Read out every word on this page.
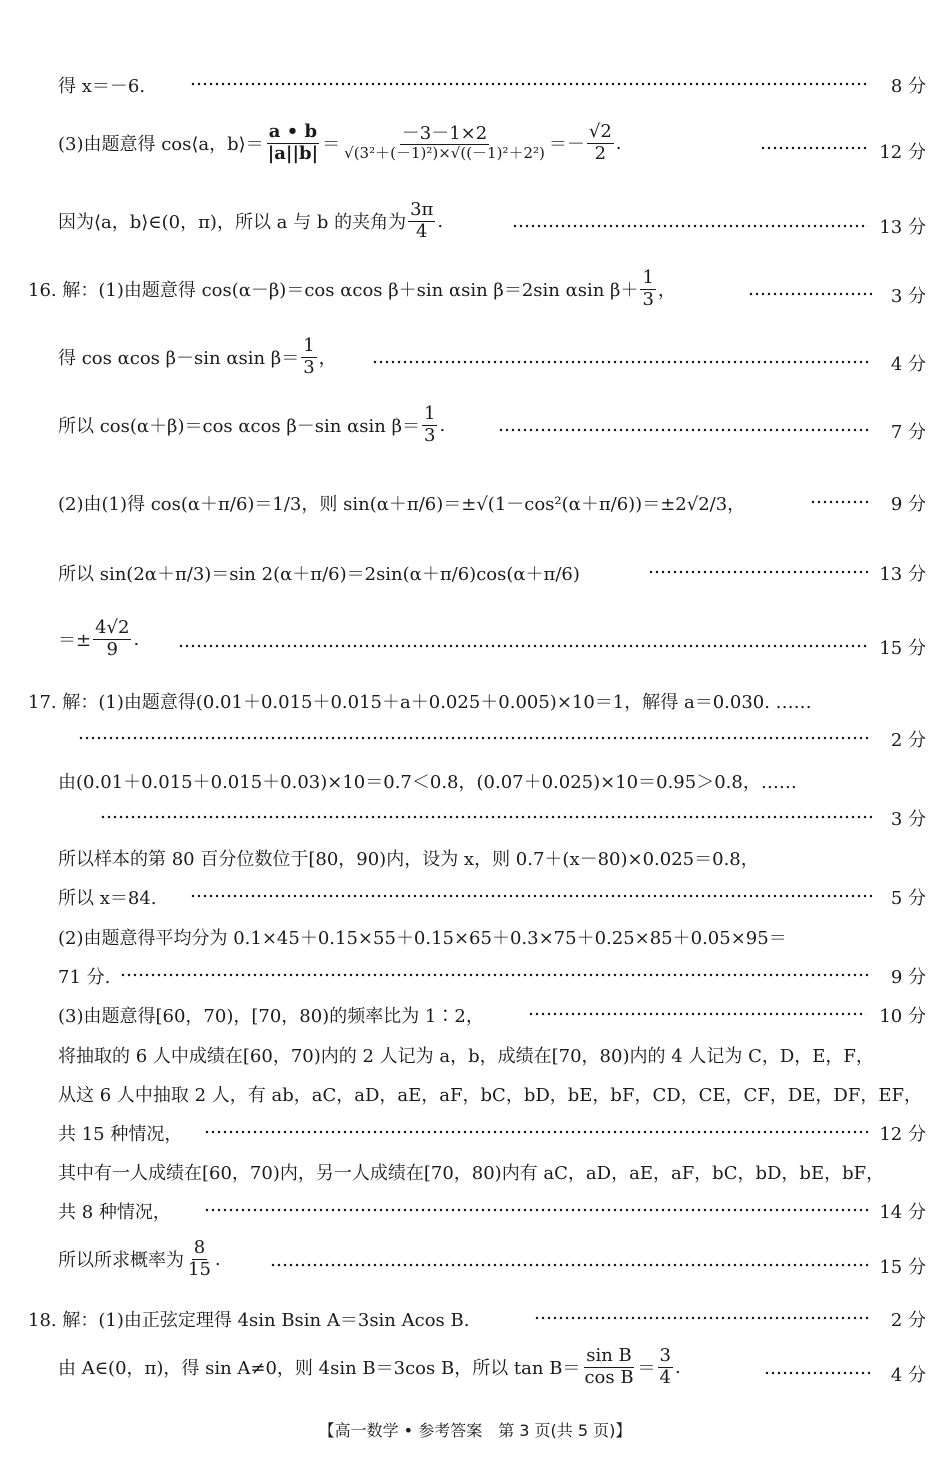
得 x＝－6.	8 分
(3)由题意得 cos⟨a，b⟩＝ $\frac{a • b}{|a||b|} = \frac{-3-1\times 2}{\text{√(3²＋(－1)²)×√((－1)²＋2²)}} =- \frac{√2}{2}$ .	12 分
因为⟨a，b⟩∈(0，π)，所以 a 与 b 的夹角为 $\frac{3\pi}{4}$ .	13 分
16. 解：(1)由题意得 cos(α－β)＝cos αcos β＋sin αsin β＝2sin αsin $\beta+ \frac{1}{3}$ ，	3 分
得 cos αcos β－sin αsin $\beta= \frac{1}{3}$ ，	4 分
所以 cos(α＋β)＝cos αcos β－sin αsin $\beta= \frac{1}{3}$ .	7 分
(2)由(1)得 cos(α＋π/6)＝1/3，则 sin(α＋π/6)＝±√(1－cos²(α＋π/6))＝±2√2/3，	9 分
所以 sin(2α＋π/3)＝sin 2(α＋π/6)＝2sin(α＋π/6)cos(α＋π/6)	13 分
＝± $\frac{4√2}{9}$ .	15 分
17. 解：(1)由题意得(0.01＋0.015＋0.015＋a＋0.025＋0.005)×10＝1，解得 a＝0.030. ……
2 分
由(0.01＋0.015＋0.015＋0.03)×10＝0.7＜0.8，(0.07＋0.025)×10＝0.95＞0.8，……
3 分
所以样本的第 80 百分位数位于[80，90)内，设为 x，则 0.7＋(x－80)×0.025＝0.8，
所以 x＝84.	5 分
(2)由题意得平均分为 0.1×45＋0.15×55＋0.15×65＋0.3×75＋0.25×85＋0.05×95＝
71 分.	9 分
(3)由题意得[60，70)，[70，80)的频率比为 1∶2，	10 分
将抽取的 6 人中成绩在[60，70)内的 2 人记为 a，b，成绩在[70，80)内的 4 人记为 C，D，E，F，
从这 6 人中抽取 2 人，有 ab，aC，aD，aE，aF，bC，bD，bE，bF，CD，CE，CF，DE，DF，EF，
共 15 种情况，	12 分
其中有一人成绩在[60，70)内，另一人成绩在[70，80)内有 aC，aD，aE，aF，bC，bD，bE，bF，
共 8 种情况，	14 分
所以所求概率为 $\frac{8}{15}$ .	15 分
18. 解：(1)由正弦定理得 4sin Bsin A＝3sin Acos B.	2 分
由 A∈(0，π)，得 sin A≠0，则 4sin B＝3cos B，所以 $\tan B= \frac{\text{sin B}}{\text{cos B}} = \frac{3}{4}$ .	4 分
【高一数学 • 参考答案　第 3 页(共 5 页)】
